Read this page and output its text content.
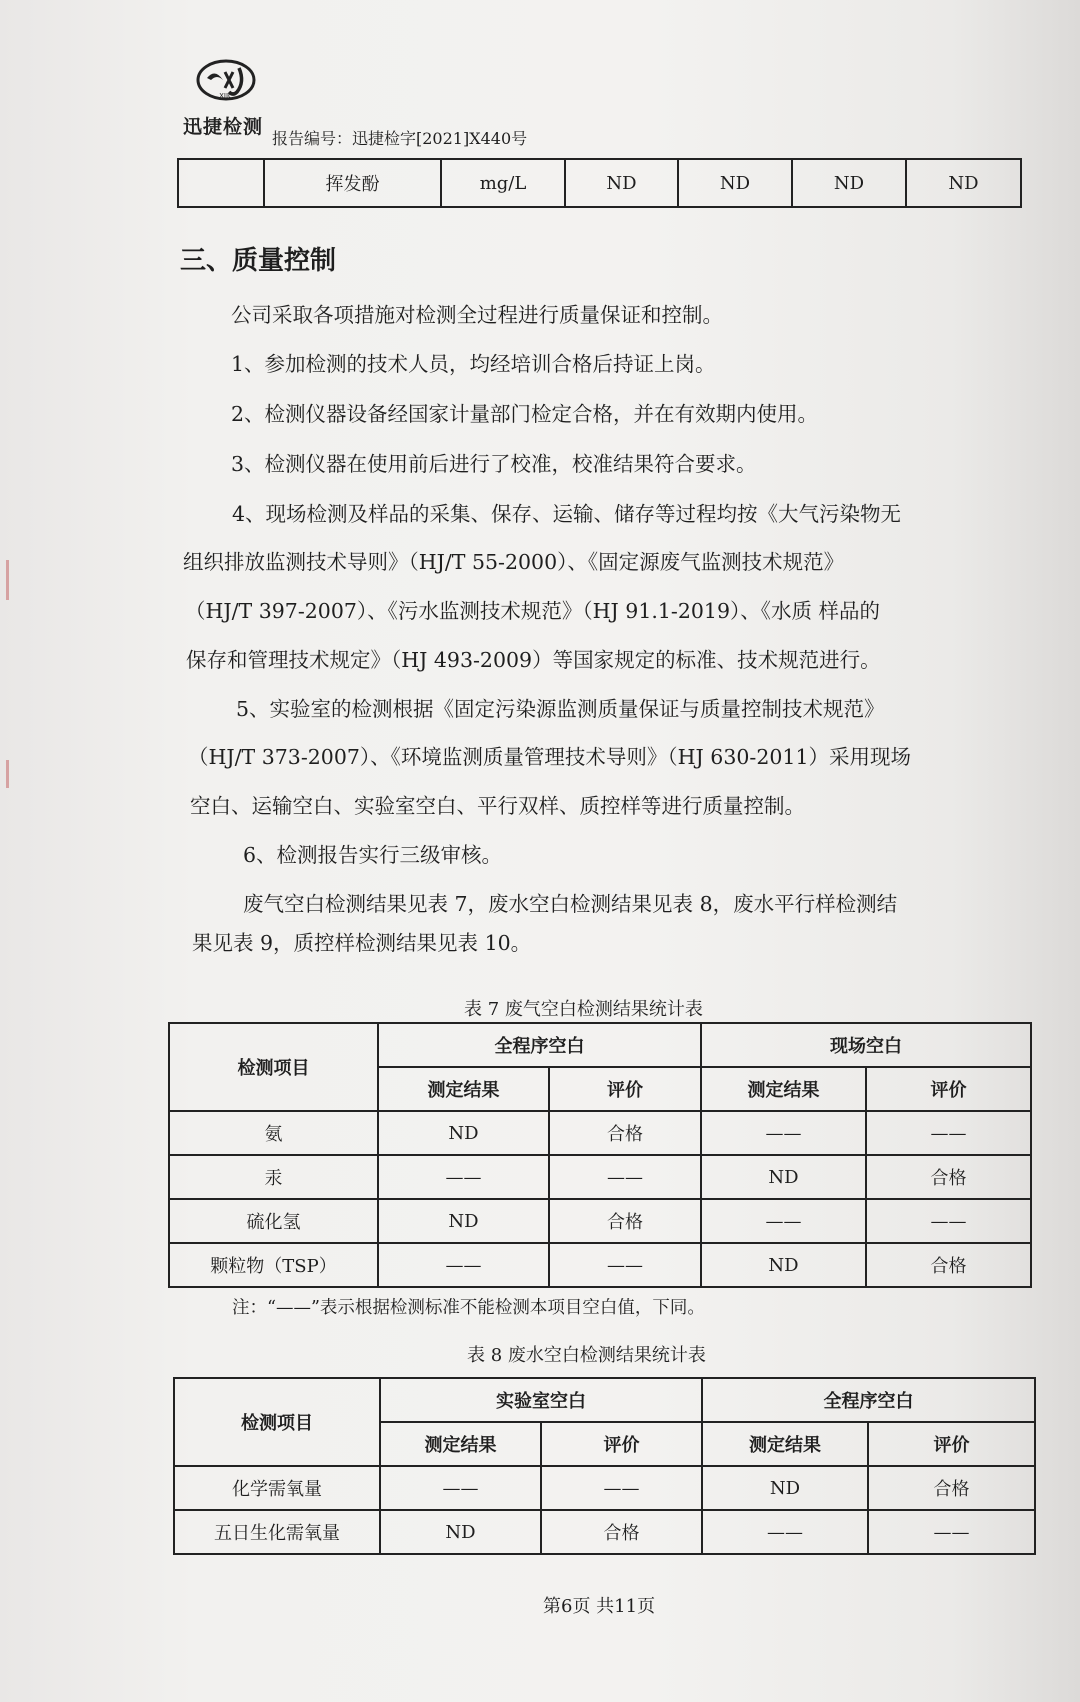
XJJC
迅捷检测
报告编号：迅捷检字[2021]X440号
	挥发酚	mg/L	ND	ND	ND	ND
三、质量控制
公司采取各项措施对检测全过程进行质量保证和控制。
1、参加检测的技术人员，均经培训合格后持证上岗。
2、检测仪器设备经国家计量部门检定合格，并在有效期内使用。
3、检测仪器在使用前后进行了校准，校准结果符合要求。
4、现场检测及样品的采集、保存、运输、储存等过程均按《大气污染物无
组织排放监测技术导则》（HJ/T 55-2000）、《固定源废气监测技术规范》
（HJ/T 397-2007）、《污水监测技术规范》（HJ 91.1-2019）、《水质 样品的
保存和管理技术规定》（HJ 493-2009）等国家规定的标准、技术规范进行。
5、实验室的检测根据《固定污染源监测质量保证与质量控制技术规范》
（HJ/T 373-2007）、《环境监测质量管理技术导则》（HJ 630-2011）采用现场
空白、运输空白、实验室空白、平行双样、质控样等进行质量控制。
6、检测报告实行三级审核。
废气空白检测结果见表 7，废水空白检测结果见表 8，废水平行样检测结
果见表 9，质控样检测结果见表 10。
表 7 废气空白检测结果统计表
检测项目	全程序空白		现场空白	
	测定结果	评价	测定结果	评价
氨	ND	合格	——	——
汞	——	——	ND	合格
硫化氢	ND	合格	——	——
颗粒物（TSP）	——	——	ND	合格
注：“——”表示根据检测标准不能检测本项目空白值，下同。
表 8 废水空白检测结果统计表
检测项目	实验室空白		全程序空白	
	测定结果	评价	测定结果	评价
化学需氧量	——	——	ND	合格
五日生化需氧量	ND	合格	——	——
第6页 共11页
